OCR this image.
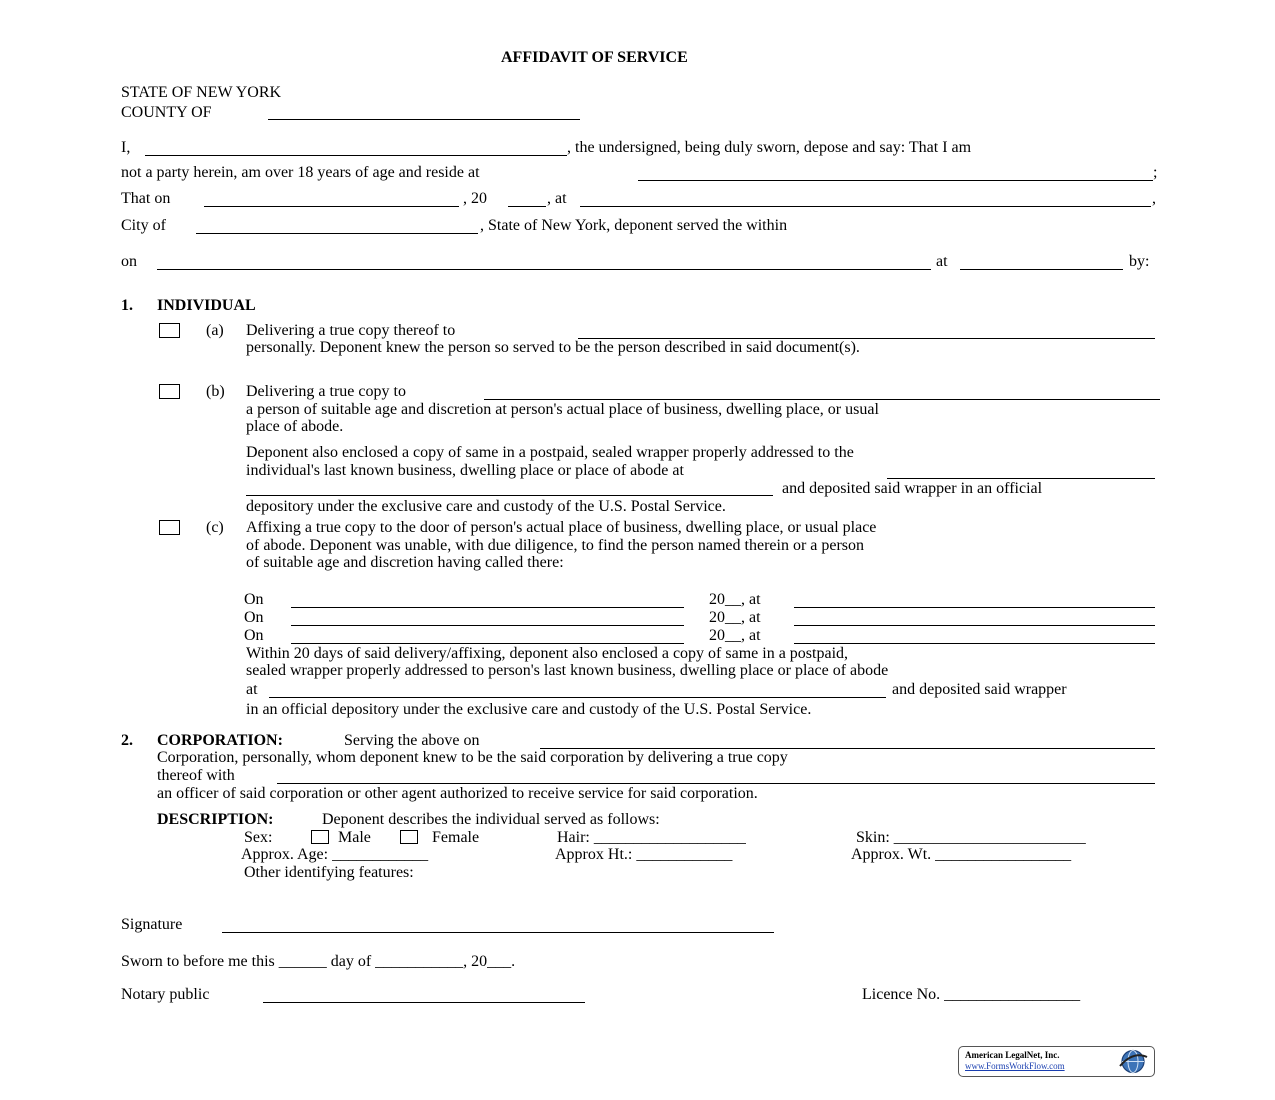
AFFIDAVIT OF SERVICE
STATE OF NEW YORK
COUNTY OF
I,	, the undersigned, being duly sworn, depose and say: That I am
not a party herein, am over 18 years of age and reside at	;
That on	, 20	, at	,
City of	, State of New York, deponent served the within
on	at	by:
1. INDIVIDUAL
(a) Delivering a true copy thereof to
personally. Deponent knew the person so served to be the person described in said document(s).
(b) Delivering a true copy to
a person of suitable age and discretion at person's actual place of business, dwelling place, or usual
place of abode.
Deponent also enclosed a copy of same in a postpaid, sealed wrapper properly addressed to the
individual's last known business, dwelling place or place of abode at
and deposited said wrapper in an official
depository under the exclusive care and custody of the U.S. Postal Service.
(c) Affixing a true copy to the door of person's actual place of business, dwelling place, or usual place
of abode. Deponent was unable, with due diligence, to find the person named therein or a person
of suitable age and discretion having called there:
On	20__, at
On	20__, at
On	20__, at
Within 20 days of said delivery/affixing, deponent also enclosed a copy of same in a postpaid,
sealed wrapper properly addressed to person's last known business, dwelling place or place of abode
at	and deposited said wrapper
in an official depository under the exclusive care and custody of the U.S. Postal Service.
2. CORPORATION:	Serving the above on
Corporation, personally, whom deponent knew to be the said corporation by delivering a true copy
thereof with
an officer of said corporation or other agent authorized to receive service for said corporation.
DESCRIPTION:	Deponent describes the individual served as follows:
Sex:	Male	Female	Hair: ___________________	Skin: ________________________
Approx. Age: ____________	Approx Ht.: ____________	Approx. Wt. _________________
Other identifying features:
Signature
Sworn to before me this ______ day of ___________, 20___.
Notary public	Licence No. _________________
American LegalNet, Inc.
www.FormsWorkFlow.com
